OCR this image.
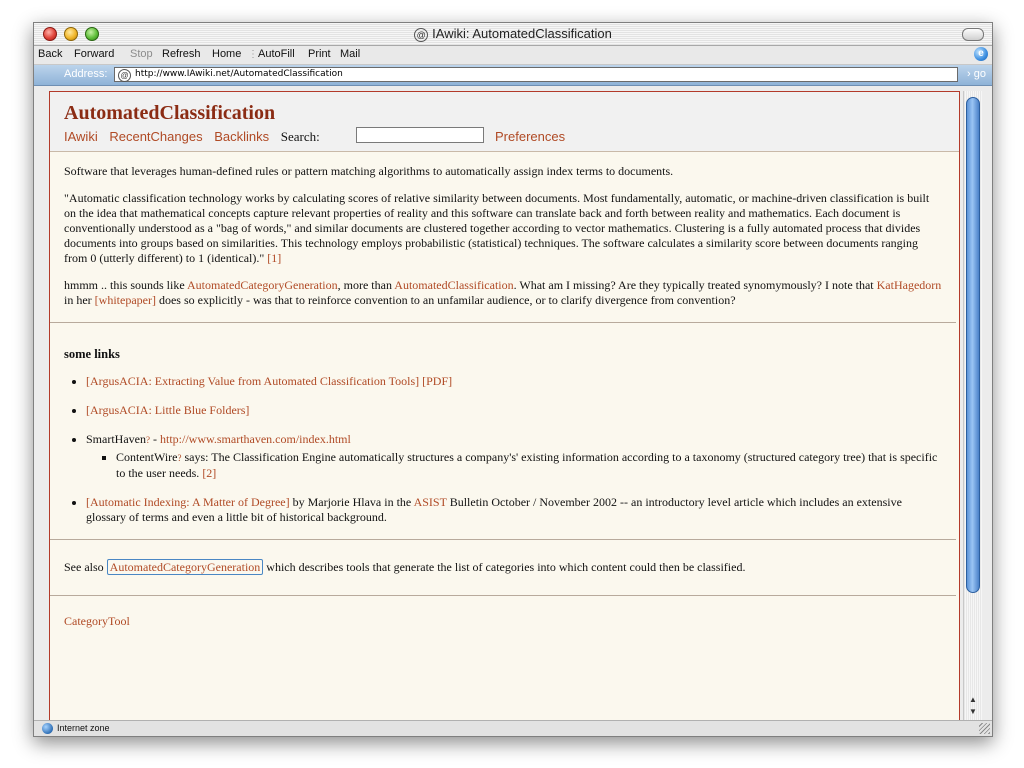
@ IAwiki: AutomatedClassification
Back Forward Stop Refresh Home ⋮ AutoFill Print Mail	e
Address:	@ http://www.IAwiki.net/AutomatedClassification	› go
AutomatedClassification
IAwiki RecentChanges Backlinks Search:	Preferences

Software that leverages human-defined rules or pattern matching algorithms to automatically assign index terms to documents.

"Automatic classification technology works by calculating scores of relative similarity between documents. Most fundamentally, automatic, or machine-driven classification is built on the idea that mathematical concepts capture relevant properties of reality and this software can translate back and forth between reality and mathematics. Each document is conventionally understood as a "bag of words," and similar documents are clustered together according to vector mathematics. Clustering is a fully automated process that divides documents into groups based on similarities. This technology employs probabilistic (statistical) techniques. The software calculates a similarity score between documents ranging from 0 (utterly different) to 1 (identical)." [1]

hmmm .. this sounds like AutomatedCategoryGeneration, more than AutomatedClassification. What am I missing? Are they typically treated synomymously? I note that KatHagedorn in her [whitepaper] does so explicitly - was that to reinforce convention to an unfamilar audience, or to clarify divergence from convention?

some links
• [ArgusACIA: Extracting Value from Automated Classification Tools] [PDF]
• [ArgusACIA: Little Blue Folders]
• SmartHaven? - http://www.smarthaven.com/index.html
▪ ContentWire? says: The Classification Engine automatically structures a company's' existing information according to a taxonomy (structured category tree) that is specific to the user needs. [2]
• [Automatic Indexing: A Matter of Degree] by Marjorie Hlava in the ASIST Bulletin October / November 2002 -- an introductory level article which includes an extensive glossary of terms and even a little bit of historical background.

See also AutomatedCategoryGeneration which describes tools that generate the list of categories into which content could then be classified.

CategoryTool

▲
▼
Internet zone
